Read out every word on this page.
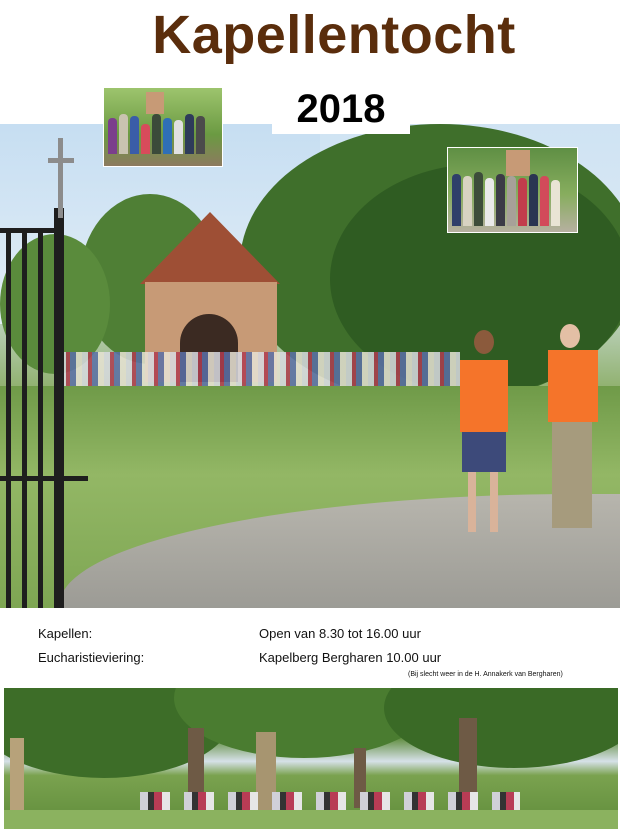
Kapellentocht
2018
Kapellen:	Open van 8.30 tot 16.00 uur
Eucharistieviering:	Kapelberg Bergharen 10.00 uur
(Bij slecht weer in de H. Annakerk van Bergharen)
